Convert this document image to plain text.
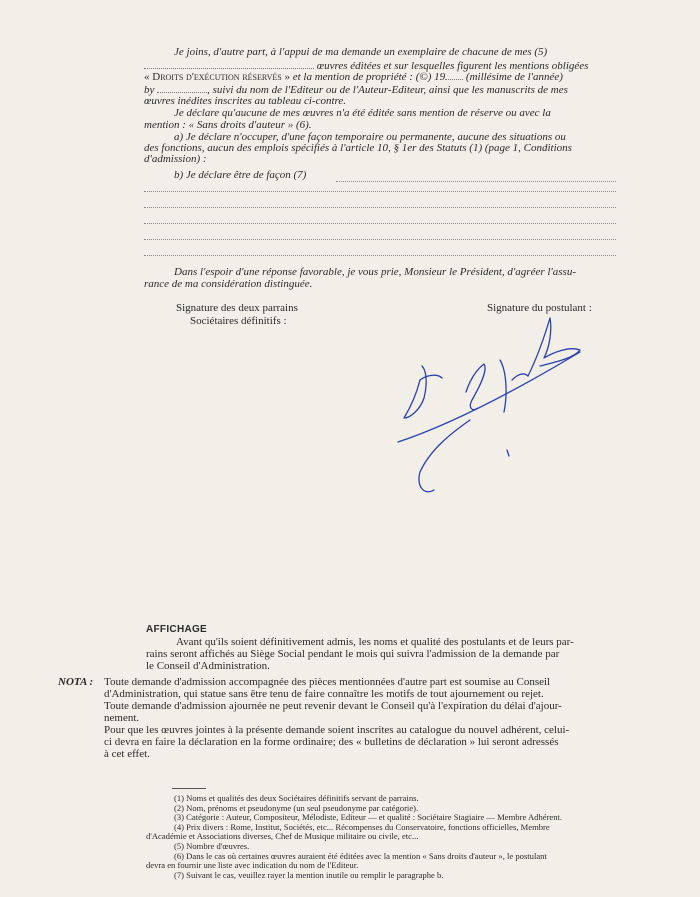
Je joins, d'autre part, à l'appui de ma demande un exemplaire de chacune de mes (5)
œuvres éditées et sur lesquelles figurent les mentions obligées
« Droits d'exécution réservés » et la mention de propriété : (©) 19 (millésime de l'année)
by	, suivi du nom de l'Editeur ou de l'Auteur-Editeur, ainsi que les manuscrits de mes
œuvres inédites inscrites au tableau ci-contre.
Je déclare qu'aucune de mes œuvres n'a été éditée sans mention de réserve ou avec la
mention : « Sans droits d'auteur » (6).
a) Je déclare n'occuper, d'une façon temporaire ou permanente, aucune des situations ou
des fonctions, aucun des emplois spécifiés à l'article 10, § 1er des Statuts (1) (page 1, Conditions
d'admission) :
b) Je déclare être de façon (7)
Dans l'espoir d'une réponse favorable, je vous prie, Monsieur le Président, d'agréer l'assu-
rance de ma considération distinguée.
Signature des deux parrains
Sociétaires définitifs :
Signature du postulant :
AFFICHAGE
Avant qu'ils soient définitivement admis, les noms et qualité des postulants et de leurs par-
rains seront affichés au Siège Social pendant le mois qui suivra l'admission de la demande par
le Conseil d'Administration.
NOTA : Toute demande d'admission accompagnée des pièces mentionnées d'autre part est soumise au Conseil
d'Administration, qui statue sans être tenu de faire connaître les motifs de tout ajournement ou rejet.
Toute demande d'admission ajournée ne peut revenir devant le Conseil qu'à l'expiration du délai d'ajour-
nement.
Pour que les œuvres jointes à la présente demande soient inscrites au catalogue du nouvel adhérent, celui-
ci devra en faire la déclaration en la forme ordinaire; des « bulletins de déclaration » lui seront adressés
à cet effet.
(1) Noms et qualités des deux Sociétaires définitifs servant de parrains.
(2) Nom, prénoms et pseudonyme (un seul pseudonyme par catégorie).
(3) Catégorie : Auteur, Compositeur, Mélodiste, Editeur — et qualité : Sociétaire Stagiaire — Membre Adhérent.
(4) Prix divers : Rome, Institut, Sociétés, etc... Récompenses du Conservatoire, fonctions officielles, Membre
d'Académie et Associations diverses, Chef de Musique militaire ou civile, etc...
(5) Nombre d'œuvres.
(6) Dans le cas où certaines œuvres auraient été éditées avec la mention « Sans droits d'auteur », le postulant
devra en fournir une liste avec indication du nom de l'Editeur.
(7) Suivant le cas, veuillez rayer la mention inutile ou remplir le paragraphe b.
